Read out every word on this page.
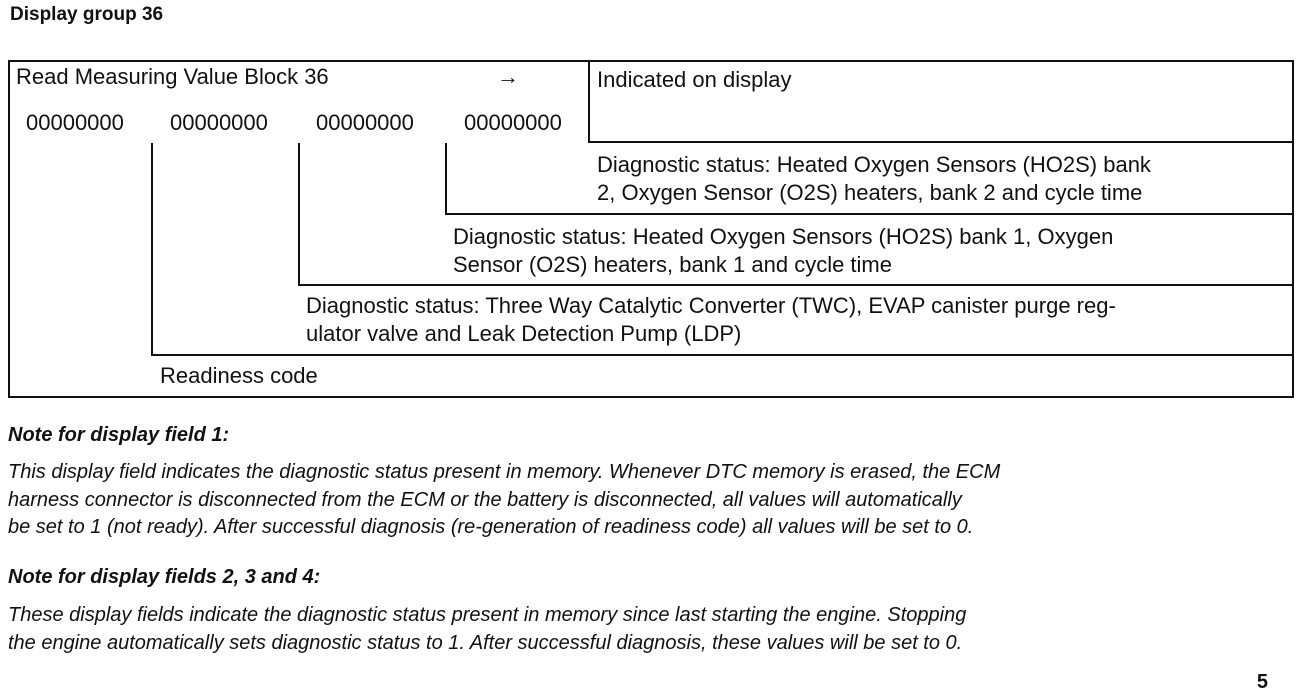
Display group 36
Read Measuring Value Block 36	→	Indicated on display
00000000 00000000 00000000 00000000
Diagnostic status: Heated Oxygen Sensors (HO2S) bank
2, Oxygen Sensor (O2S) heaters, bank 2 and cycle time
Diagnostic status: Heated Oxygen Sensors (HO2S) bank 1, Oxygen
Sensor (O2S) heaters, bank 1 and cycle time
Diagnostic status: Three Way Catalytic Converter (TWC), EVAP canister purge reg-
ulator valve and Leak Detection Pump (LDP)
Readiness code
Note for display field 1:
This display field indicates the diagnostic status present in memory. Whenever DTC memory is erased, the ECM
harness connector is disconnected from the ECM or the battery is disconnected, all values will automatically
be set to 1 (not ready). After successful diagnosis (re-generation of readiness code) all values will be set to 0.
Note for display fields 2, 3 and 4:
These display fields indicate the diagnostic status present in memory since last starting the engine. Stopping
the engine automatically sets diagnostic status to 1. After successful diagnosis, these values will be set to 0.
5
